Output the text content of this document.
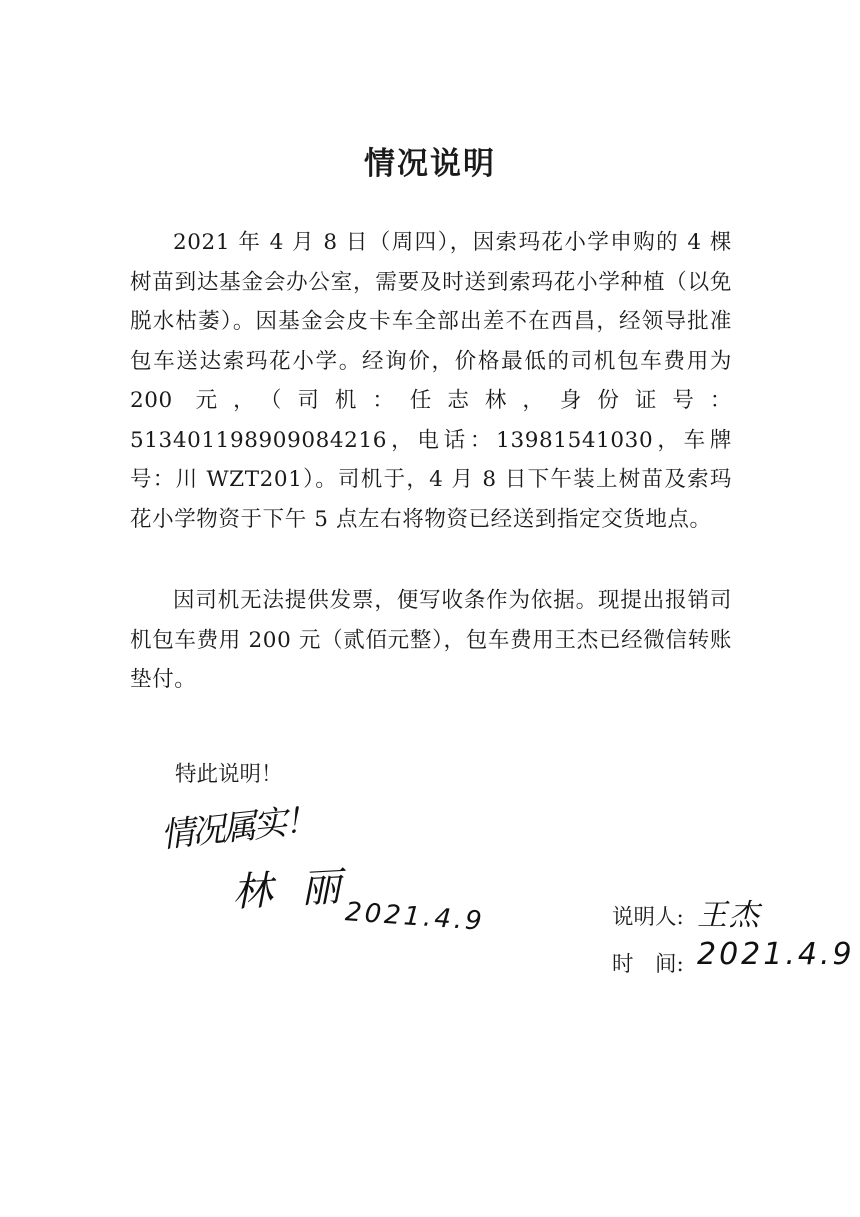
情况说明

2021 年 4 月 8 日（周四），因索玛花小学申购的 4 棵树苗到达基金会办公室，需要及时送到索玛花小学种植（以免脱水枯萎）。因基金会皮卡车全部出差不在西昌，经领导批准包车送达索玛花小学。经询价，价格最低的司机包车费用为 200 元，（司机：任志林，身份证号：513401198909084216，电话：13981541030，车牌号：川 WZT201）。司机于，4 月 8 日下午装上树苗及索玛花小学物资于下午 5 点左右将物资已经送到指定交货地点。

因司机无法提供发票，便写收条作为依据。现提出报销司机包车费用 200 元（贰佰元整），包车费用王杰已经微信转账垫付。

特此说明！
情况属实！
林 丽
2021.4.9	说明人: 王杰
时　间: 2021.4.9
